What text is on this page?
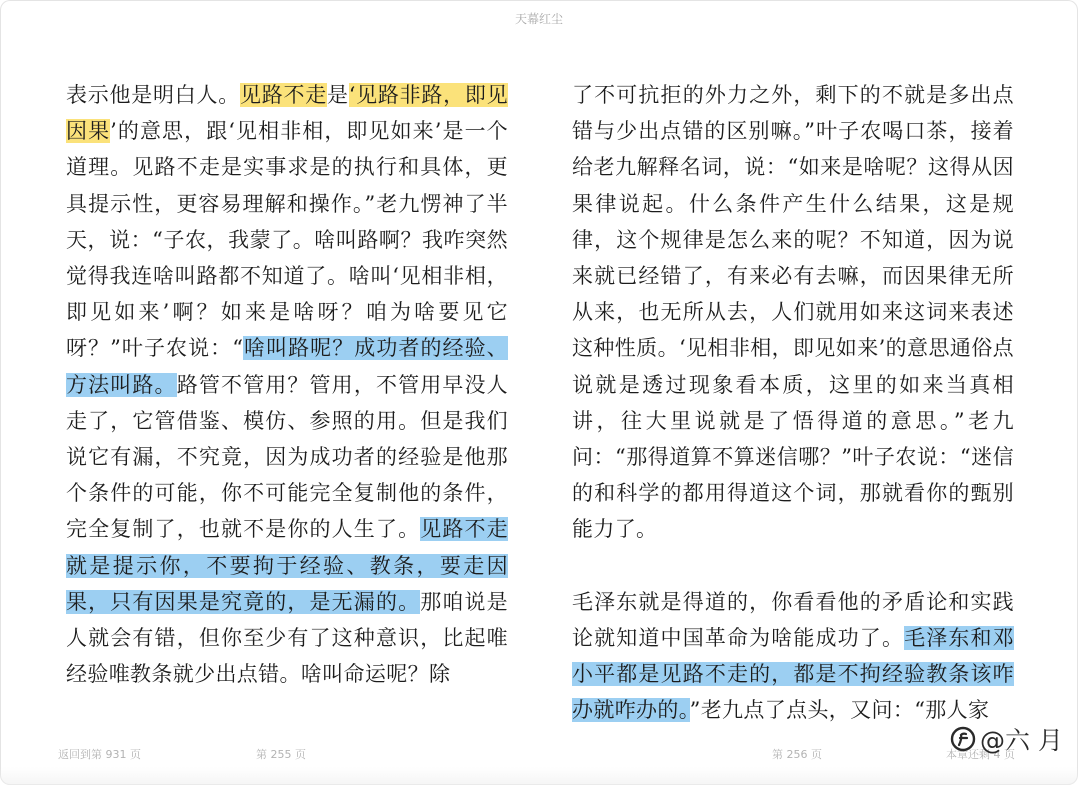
天幕红尘

表示他是明白人。见路不走是‘见路非路，即见因果’的意思，跟‘见相非相，即见如来’是一个道理。见路不走是实事求是的执行和具体，更具提示性，更容易理解和操作。”老九愣神了半天，说：“子农，我蒙了。啥叫路啊？我咋突然觉得我连啥叫路都不知道了。啥叫‘见相非相，即见如来’啊？如来是啥呀？咱为啥要见它呀？”叶子农说：“啥叫路呢？成功者的经验、方法叫路。路管不管用？管用，不管用早没人走了，它管借鉴、模仿、参照的用。但是我们说它有漏，不究竟，因为成功者的经验是他那个条件的可能，你不可能完全复制他的条件，完全复制了，也就不是你的人生了。见路不走就是提示你，不要拘于经验、教条，要走因果，只有因果是究竟的，是无漏的。那咱说是人就会有错，但你至少有了这种意识，比起唯经验唯教条就少出点错。啥叫命运呢？除

了不可抗拒的外力之外，剩下的不就是多出点错与少出点错的区别嘛。”叶子农喝口茶，接着给老九解释名词，说：“如来是啥呢？这得从因果律说起。什么条件产生什么结果，这是规律，这个规律是怎么来的呢？不知道，因为说来就已经错了，有来必有去嘛，而因果律无所从来，也无所从去，人们就用如来这词来表述这种性质。‘见相非相，即见如来’的意思通俗点说就是透过现象看本质，这里的如来当真相讲，往大里说就是了悟得道的意思。”老九问：“那得道算不算迷信哪？”叶子农说：“迷信的和科学的都用得道这个词，那就看你的甄别能力了。

毛泽东就是得道的，你看看他的矛盾论和实践论就知道中国革命为啥能成功了。毛泽东和邓小平都是见路不走的，都是不拘经验教条该咋办就咋办的。”老九点了点头，又问：“那人家

返回到第 931 页	第 255 页	第 256 页	本章还剩 4 页
@六 月
